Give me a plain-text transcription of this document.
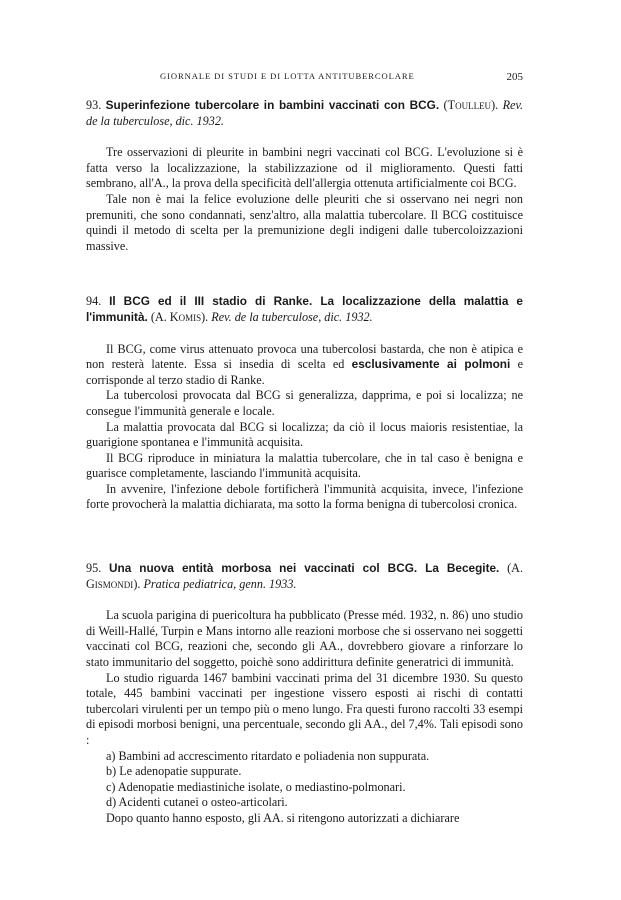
GIORNALE DI STUDI E DI LOTTA ANTITUBERCOLARE	205

93. Superinfezione tubercolare in bambini vaccinati con BCG. (Toulleu). Rev. de la tuberculose, dic. 1932.

Tre osservazioni di pleurite in bambini negri vaccinati col BCG. L'evoluzione si è fatta verso la localizzazione, la stabilizzazione od il miglioramento. Questi fatti sembrano, all'A., la prova della specificità dell'allergia ottenuta artificialmente coi BCG.

Tale non è mai la felice evoluzione delle pleuriti che si osservano nei negri non premuniti, che sono condannati, senz'altro, alla malattia tubercolare. Il BCG costituisce quindi il metodo di scelta per la premunizione degli indigeni dalle tubercoloizzazioni massive.

94. Il BCG ed il III stadio di Ranke. La localizzazione della malattia e l'immunità. (A. Komis). Rev. de la tuberculose, dic. 1932.

Il BCG, come virus attenuato provoca una tubercolosi bastarda, che non è atipica e non resterà latente. Essa si insedia di scelta ed esclusivamente ai polmoni e corrisponde al terzo stadio di Ranke.

La tubercolosi provocata dal BCG si generalizza, dapprima, e poi si localizza; ne consegue l'immunità generale e locale.

La malattia provocata dal BCG si localizza; da ciò il locus maioris resistentiae, la guarigione spontanea e l'immunità acquisita.

Il BCG riproduce in miniatura la malattia tubercolare, che in tal caso è benigna e guarisce completamente, lasciando l'immunità acquisita.

In avvenire, l'infezione debole fortificherà l'immunità acquisita, invece, l'infezione forte provocherà la malattia dichiarata, ma sotto la forma benigna di tubercolosi cronica.

95. Una nuova entità morbosa nei vaccinati col BCG. La Becegite. (A. Gismondi). Pratica pediatrica, genn. 1933.

La scuola parigina di puericoltura ha pubblicato (Presse méd. 1932, n. 86) uno studio di Weill-Hallé, Turpin e Mans intorno alle reazioni morbose che si osservano nei soggetti vaccinati col BCG, reazioni che, secondo gli AA., dovrebbero giovare a rinforzare lo stato immunitario del soggetto, poichè sono addirittura definite generatrici di immunità.

Lo studio riguarda 1467 bambini vaccinati prima del 31 dicembre 1930. Su questo totale, 445 bambini vaccinati per ingestione vissero esposti ai rischi di contatti tubercolari virulenti per un tempo più o meno lungo. Fra questi furono raccolti 33 esempi di episodi morbosi benigni, una percentuale, secondo gli AA., del 7,4%. Tali episodi sono :

a) Bambini ad accrescimento ritardato e poliadenia non suppurata.

b) Le adenopatie suppurate.

c) Adenopatie mediastiniche isolate, o mediastino-polmonari.

d) Acidenti cutanei o osteo-articolari.

Dopo quanto hanno esposto, gli AA. si ritengono autorizzati a dichiarare
